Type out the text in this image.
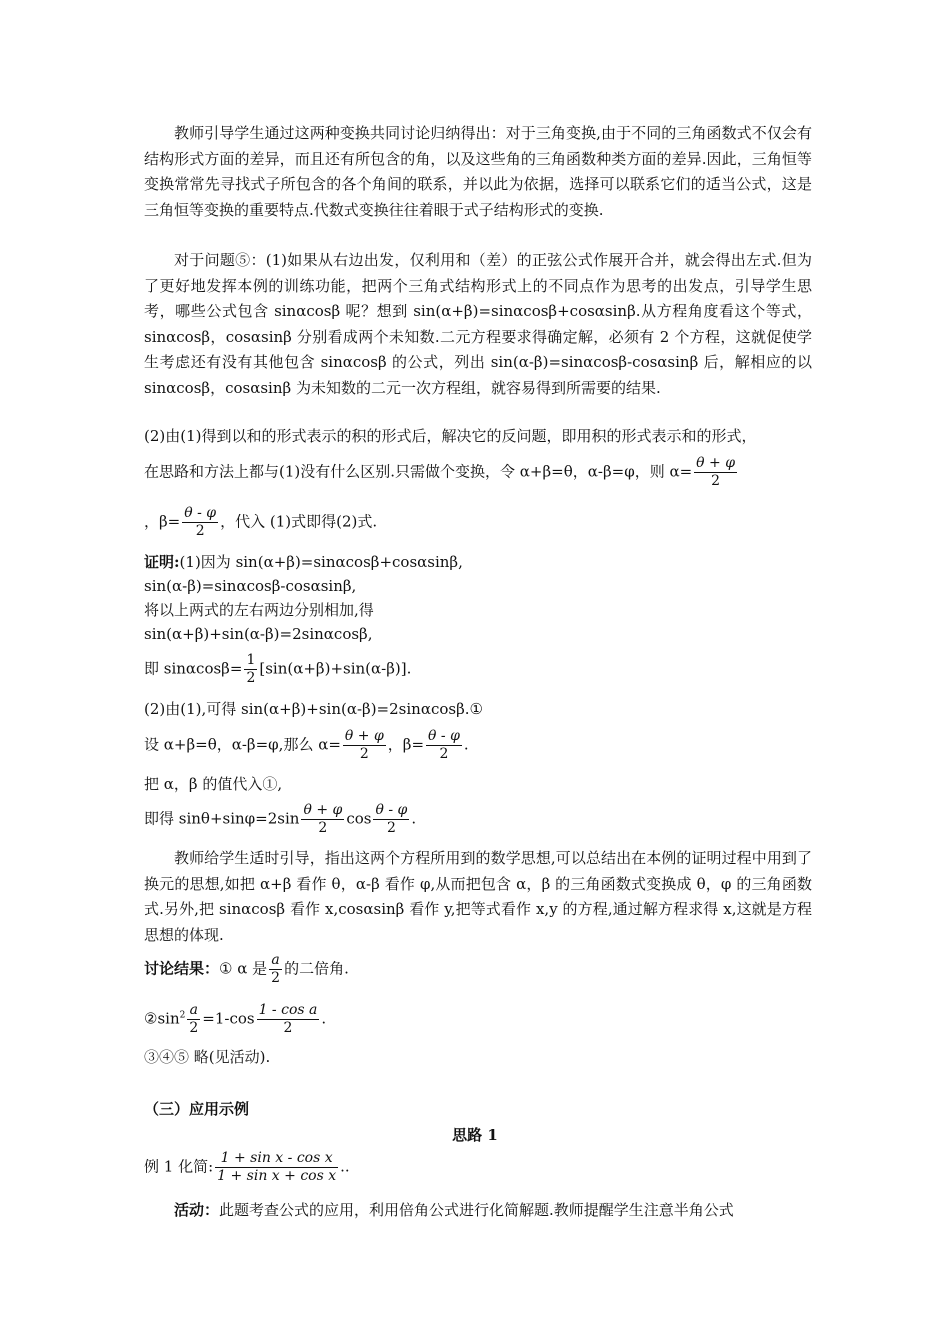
教师引导学生通过这两种变换共同讨论归纳得出：对于三角变换,由于不同的三角函数式不仅会有结构形式方面的差异，而且还有所包含的角，以及这些角的三角函数种类方面的差异.因此，三角恒等变换常常先寻找式子所包含的各个角间的联系，并以此为依据，选择可以联系它们的适当公式，这是三角恒等变换的重要特点.代数式变换往往着眼于式子结构形式的变换.

对于问题⑤：(1)如果从右边出发，仅利用和（差）的正弦公式作展开合并，就会得出左式.但为了更好地发挥本例的训练功能，把两个三角式结构形式上的不同点作为思考的出发点，引导学生思考，哪些公式包含 sinαcosβ 呢？想到 sin(α+β)=sinαcosβ+cosαsinβ.从方程角度看这个等式，sinαcosβ，cosαsinβ 分别看成两个未知数.二元方程要求得确定解，必须有 2 个方程，这就促使学生考虑还有没有其他包含 sinαcosβ 的公式，列出 sin(α-β)=sinαcosβ-cosαsinβ 后，解相应的以 sinαcosβ，cosαsinβ 为未知数的二元一次方程组，就容易得到所需要的结果.

(2)由(1)得到以和的形式表示的积的形式后，解决它的反问题，即用积的形式表示和的形式，
在思路和方法上都与(1)没有什么区别.只需做个变换，令 α+β=θ，α-β=φ，则 $\alpha= \frac{\theta + \varphi}{2}$
，$\beta= \frac{\theta - \varphi}{2}$ ，代入 (1)式即得(2)式.
证明:(1)因为 sin(α+β)=sinαcosβ+cosαsinβ,
sin(α-β)=sinαcosβ-cosαsinβ,
将以上两式的左右两边分别相加,得
sin(α+β)+sin(α-β)=2sinαcosβ,
即 $\sin\alpha\cos\beta= \frac{1}{2} [\sin(\alpha+\beta)+\sin(\alpha-\beta)]$.
(2)由(1),可得 sin(α+β)+sin(α-β)=2sinαcosβ.①
设 α+β=θ，α-β=φ,那么 $\alpha= \frac{\theta + \varphi}{2}$ ，$\beta= \frac{\theta - \varphi}{2}$ .
把 α，β 的值代入①,
即得 $\sin\theta+\sin\varphi=2\sin \frac{\theta + \varphi}{2}$ $\cos \frac{\theta - \varphi}{2}$ .

教师给学生适时引导，指出这两个方程所用到的数学思想,可以总结出在本例的证明过程中用到了换元的思想,如把 α+β 看作 θ，α-β 看作 φ,从而把包含 α，β 的三角函数式变换成 θ，φ 的三角函数式.另外,把 sinαcosβ 看作 x,cosαsinβ 看作 y,把等式看作 x,y 的方程,通过解方程求得 x,这就是方程思想的体现.

讨论结果：① α 是 $\frac{a}{2}$ 的二倍角.
$②\sin^2 \frac{a}{2} =1-\cos \frac{\text{1 - cos a}}{2}$ .
③④⑤ 略(见活动).
（三）应用示例
思路 1
例 1 化简: $\frac{\text{1 + sin x - cos x}}{\text{1 + sin x + cos x}}$ ..
活动：此题考查公式的应用，利用倍角公式进行化简解题.教师提醒学生注意半角公式
